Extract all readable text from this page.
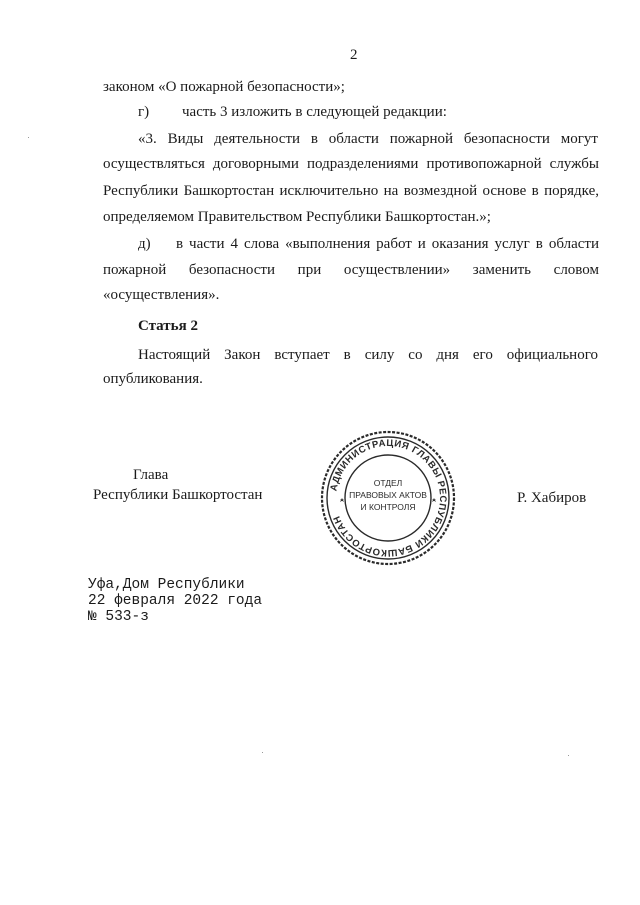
2
законом «О пожарной безопасности»;
г) часть 3 изложить в следующей редакции:
«3. Виды деятельности в области пожарной безопасности могут
осуществляться договорными подразделениями противопожарной службы
Республики Башкортостан исключительно на возмездной основе в порядке,
определяемом Правительством Республики Башкортостан.»;
д) в части 4 слова «выполнения работ и оказания услуг в области
пожарной безопасности при осуществлении» заменить словом
«осуществления».
Статья 2
Настоящий Закон вступает в силу со дня его официального
опубликования.
Глава
Республики Башкортостан	Р. Хабиров
АДМИНИСТРАЦИЯ ГЛАВЫ РЕСПУБЛИКИ БАШКОРТОСТАН
ОТДЕЛ
ПРАВОВЫХ АКТОВ
И КОНТРОЛЯ
Уфа,Дом Республики
22 февраля 2022 года
№ 533-з
